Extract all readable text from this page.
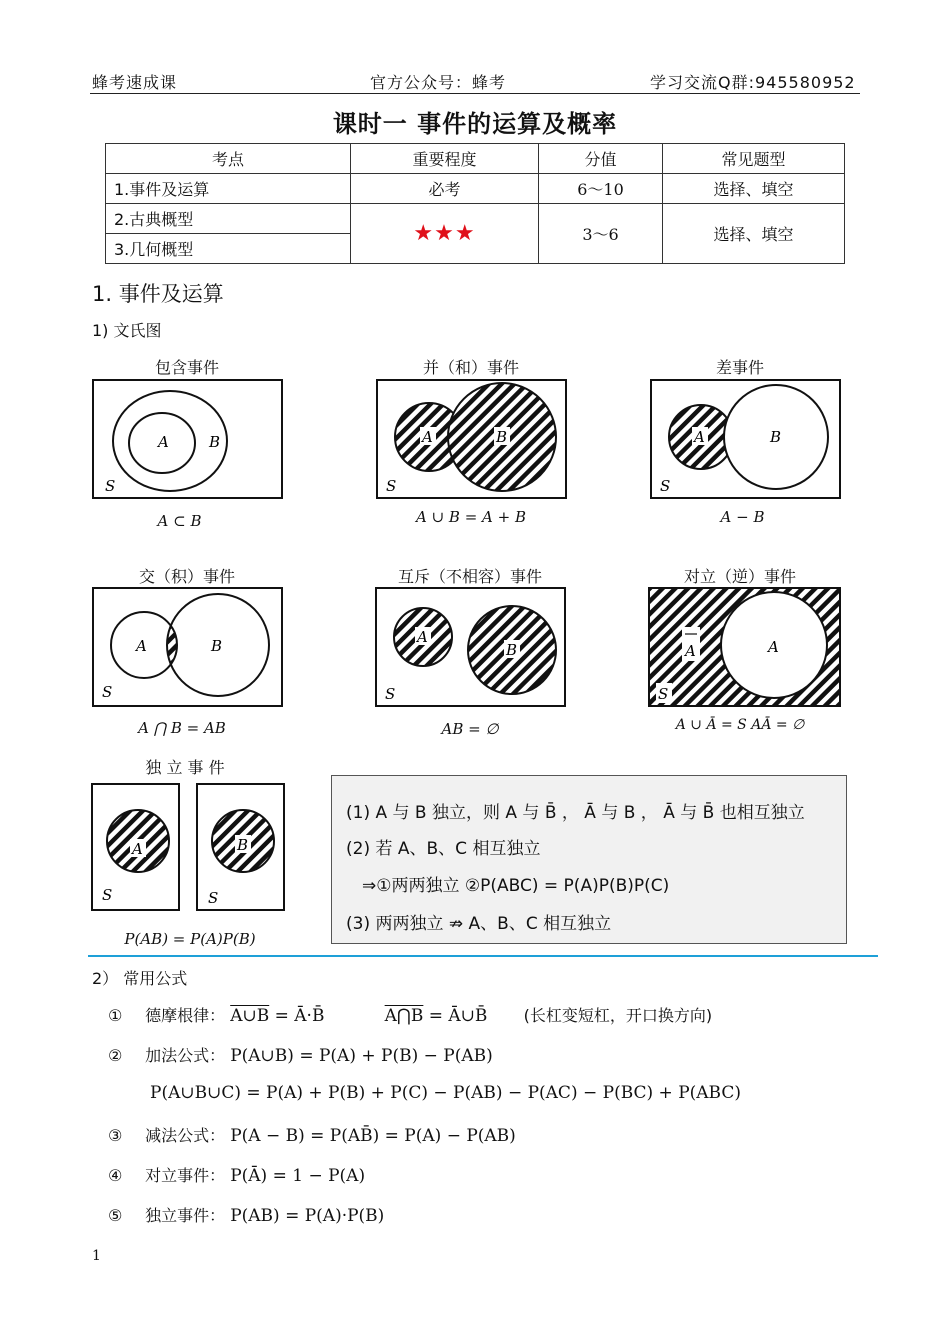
蜂考速成课	官方公众号：蜂考	学习交流Q群:945580952
课时一 事件的运算及概率
考点	重要程度	分值	常见题型
1.事件及运算	必考	6～10	选择、填空
2.古典概型	★★★	3～6	选择、填空
3.几何概型			
1. 事件及运算
1) 文氏图
包含事件	并（和）事件	差事件
A	B
S
A ⊂ B
A	B
S
A ∪ B = A + B
A	B
S
A − B
交（积）事件	互斥（不相容）事件	对立（逆）事件
A	B
S
A ⋂ B = AB
A
B
S
AB = ∅
A	A
S
A ∪ Ā = S AĀ = ∅
独 立 事 件
A
S
B
S
P(AB) = P(A)P(B)
(1) A 与 B 独立，则 A 与 B̄ ， Ā 与 B ， Ā 与 B̄ 也相互独立
(2) 若 A、B、C 相互独立
⇒①两两独立 ②P(ABC) = P(A)P(B)P(C)
(3) 两两独立 ⇏ A、B、C 相互独立
2） 常用公式
① 德摩根律： A∪B = Ā·B̄	A⋂B = Ā∪B̄ (长杠变短杠，开口换方向)
② 加法公式： P(A∪B) = P(A) + P(B) − P(AB)
P(A∪B∪C) = P(A) + P(B) + P(C) − P(AB) − P(AC) − P(BC) + P(ABC)
③ 减法公式： P(A − B) = P(AB̄) = P(A) − P(AB)
④ 对立事件： P(Ā) = 1 − P(A)
⑤ 独立事件： P(AB) = P(A)·P(B)
1
